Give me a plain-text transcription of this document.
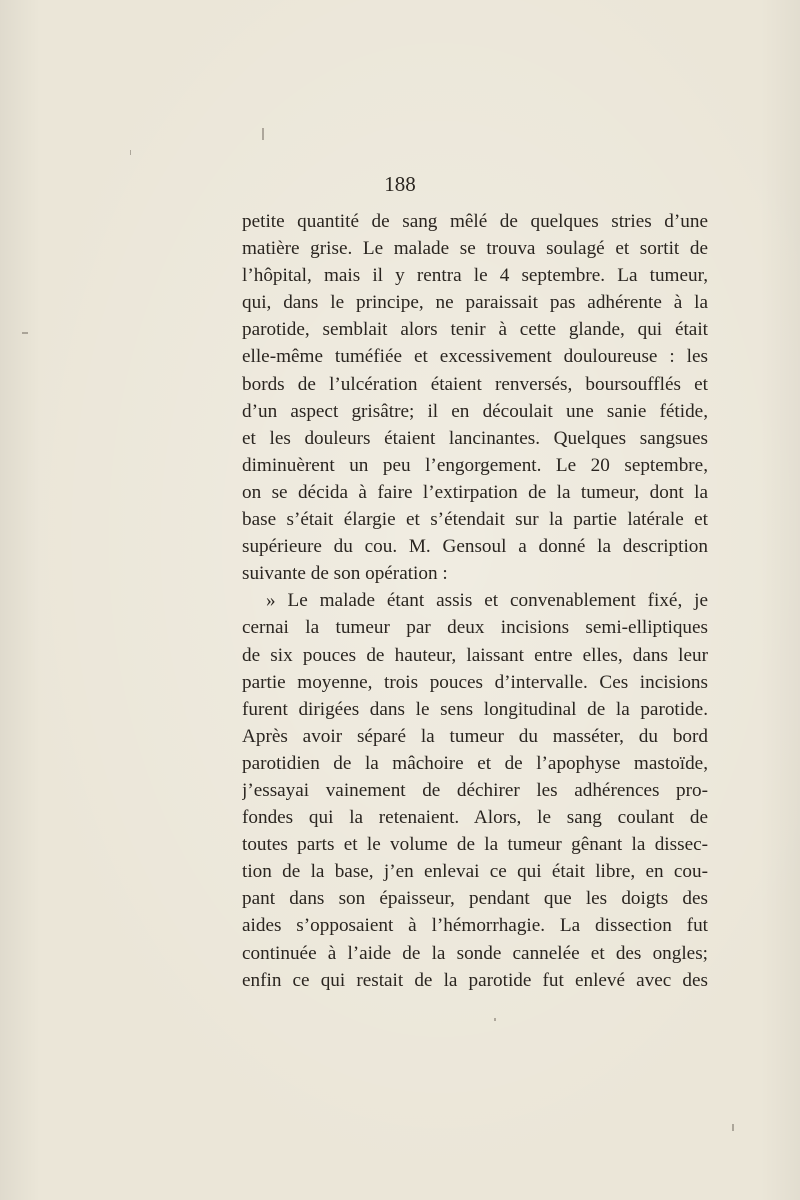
188
petite quantité de sang mêlé de quelques stries d’une
matière grise. Le malade se trouva soulagé et sortit de
l’hôpital, mais il y rentra le 4 septembre. La tumeur,
qui, dans le principe, ne paraissait pas adhérente à la
parotide, semblait alors tenir à cette glande, qui était
elle-même tuméfiée et excessivement douloureuse : les
bords de l’ulcération étaient renversés, boursoufflés et
d’un aspect grisâtre; il en découlait une sanie fétide,
et les douleurs étaient lancinantes. Quelques sangsues
diminuèrent un peu l’engorgement. Le 20 septembre,
on se décida à faire l’extirpation de la tumeur, dont la
base s’était élargie et s’étendait sur la partie latérale et
supérieure du cou. M. Gensoul a donné la description
suivante de son opération :
» Le malade étant assis et convenablement fixé, je
cernai la tumeur par deux incisions semi-elliptiques
de six pouces de hauteur, laissant entre elles, dans leur
partie moyenne, trois pouces d’intervalle. Ces incisions
furent dirigées dans le sens longitudinal de la parotide.
Après avoir séparé la tumeur du masséter, du bord
parotidien de la mâchoire et de l’apophyse mastoïde,
j’essayai vainement de déchirer les adhérences pro-
fondes qui la retenaient. Alors, le sang coulant de
toutes parts et le volume de la tumeur gênant la dissec-
tion de la base, j’en enlevai ce qui était libre, en cou-
pant dans son épaisseur, pendant que les doigts des
aides s’opposaient à l’hémorrhagie. La dissection fut
continuée à l’aide de la sonde cannelée et des ongles;
enfin ce qui restait de la parotide fut enlevé avec des
